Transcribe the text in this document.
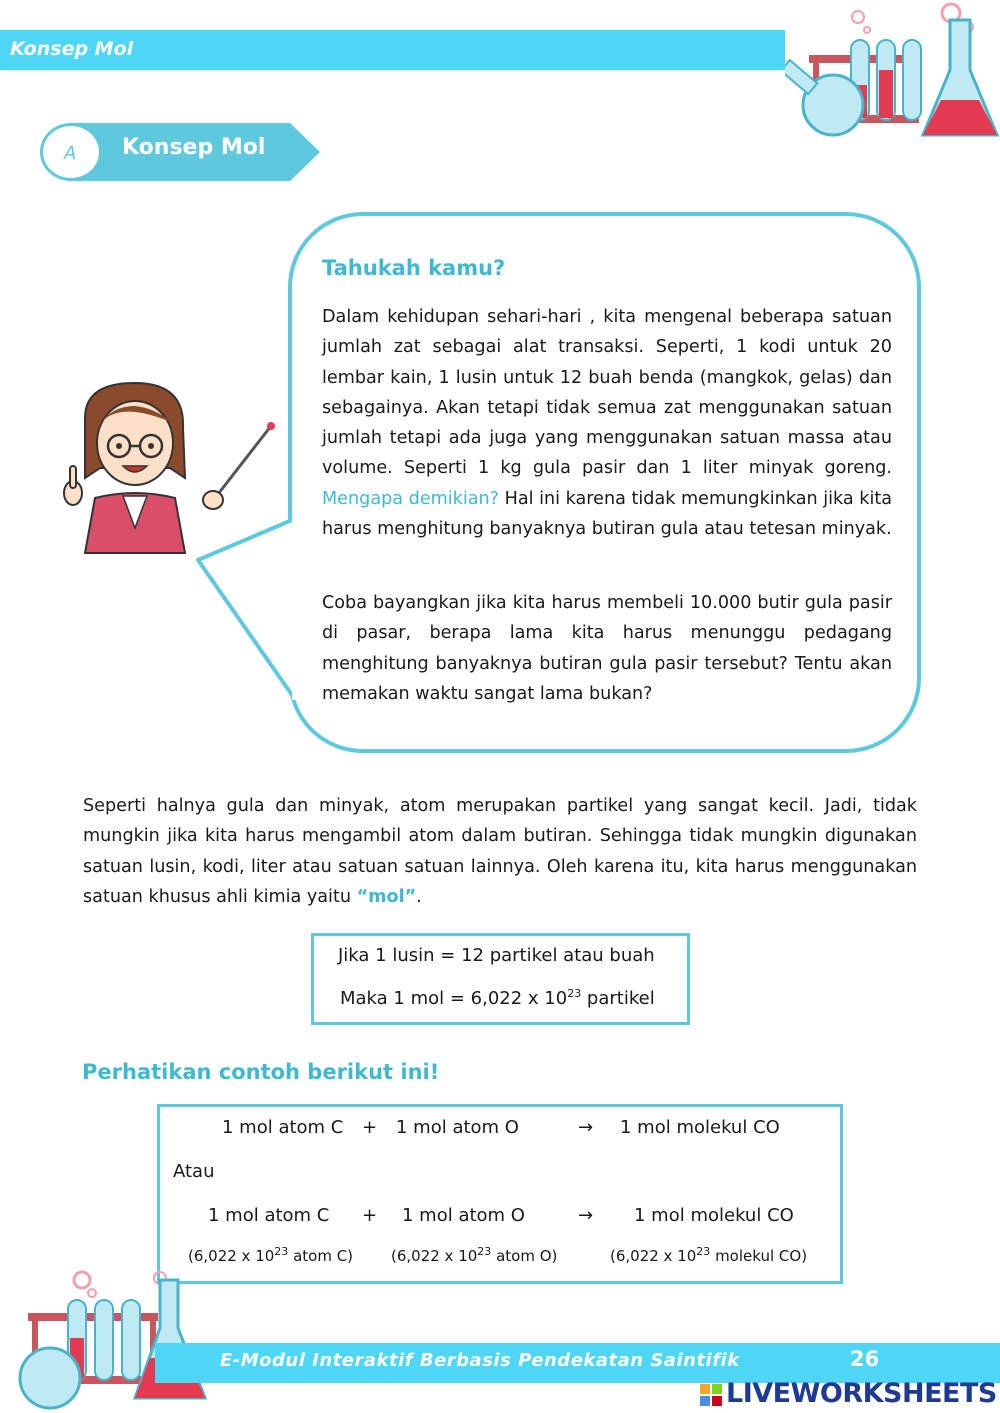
Konsep Mol
A Konsep Mol
Tahukah kamu?
Dalam kehidupan sehari-hari , kita mengenal beberapa satuan jumlah zat sebagai alat transaksi. Seperti, 1 kodi untuk 20 lembar kain, 1 lusin untuk 12 buah benda (mangkok, gelas) dan sebagainya. Akan tetapi tidak semua zat menggunakan satuan jumlah tetapi ada juga yang menggunakan satuan massa atau volume. Seperti 1 kg gula pasir dan 1 liter minyak goreng. Mengapa demikian? Hal ini karena tidak memungkinkan jika kita harus menghitung banyaknya butiran gula atau tetesan minyak.
Coba bayangkan jika kita harus membeli 10.000 butir gula pasir di pasar, berapa lama kita harus menunggu pedagang menghitung banyaknya butiran gula pasir tersebut? Tentu akan memakan waktu sangat lama bukan?
Seperti halnya gula dan minyak, atom merupakan partikel yang sangat kecil. Jadi, tidak mungkin jika kita harus mengambil atom dalam butiran. Sehingga tidak mungkin digunakan satuan lusin, kodi, liter atau satuan satuan lainnya. Oleh karena itu, kita harus menggunakan satuan khusus ahli kimia yaitu “mol”.
Jika 1 lusin = 12 partikel atau buah
Maka 1 mol = 6,022 x $10^{23}$ partikel
Perhatikan contoh berikut ini!
1 mol atom C + 1 mol atom O	→ 1 mol molekul CO
Atau
1 mol atom C + 1 mol atom O	→ 1 mol molekul CO
(6,022 x $10^{23}$ atom C)	(6,022 x $10^{23}$ atom O)	(6,022 x $10^{23}$ molekul CO)
E-Modul Interaktif Berbasis Pendekatan Saintifik	26
LIVEWORKSHEETS
